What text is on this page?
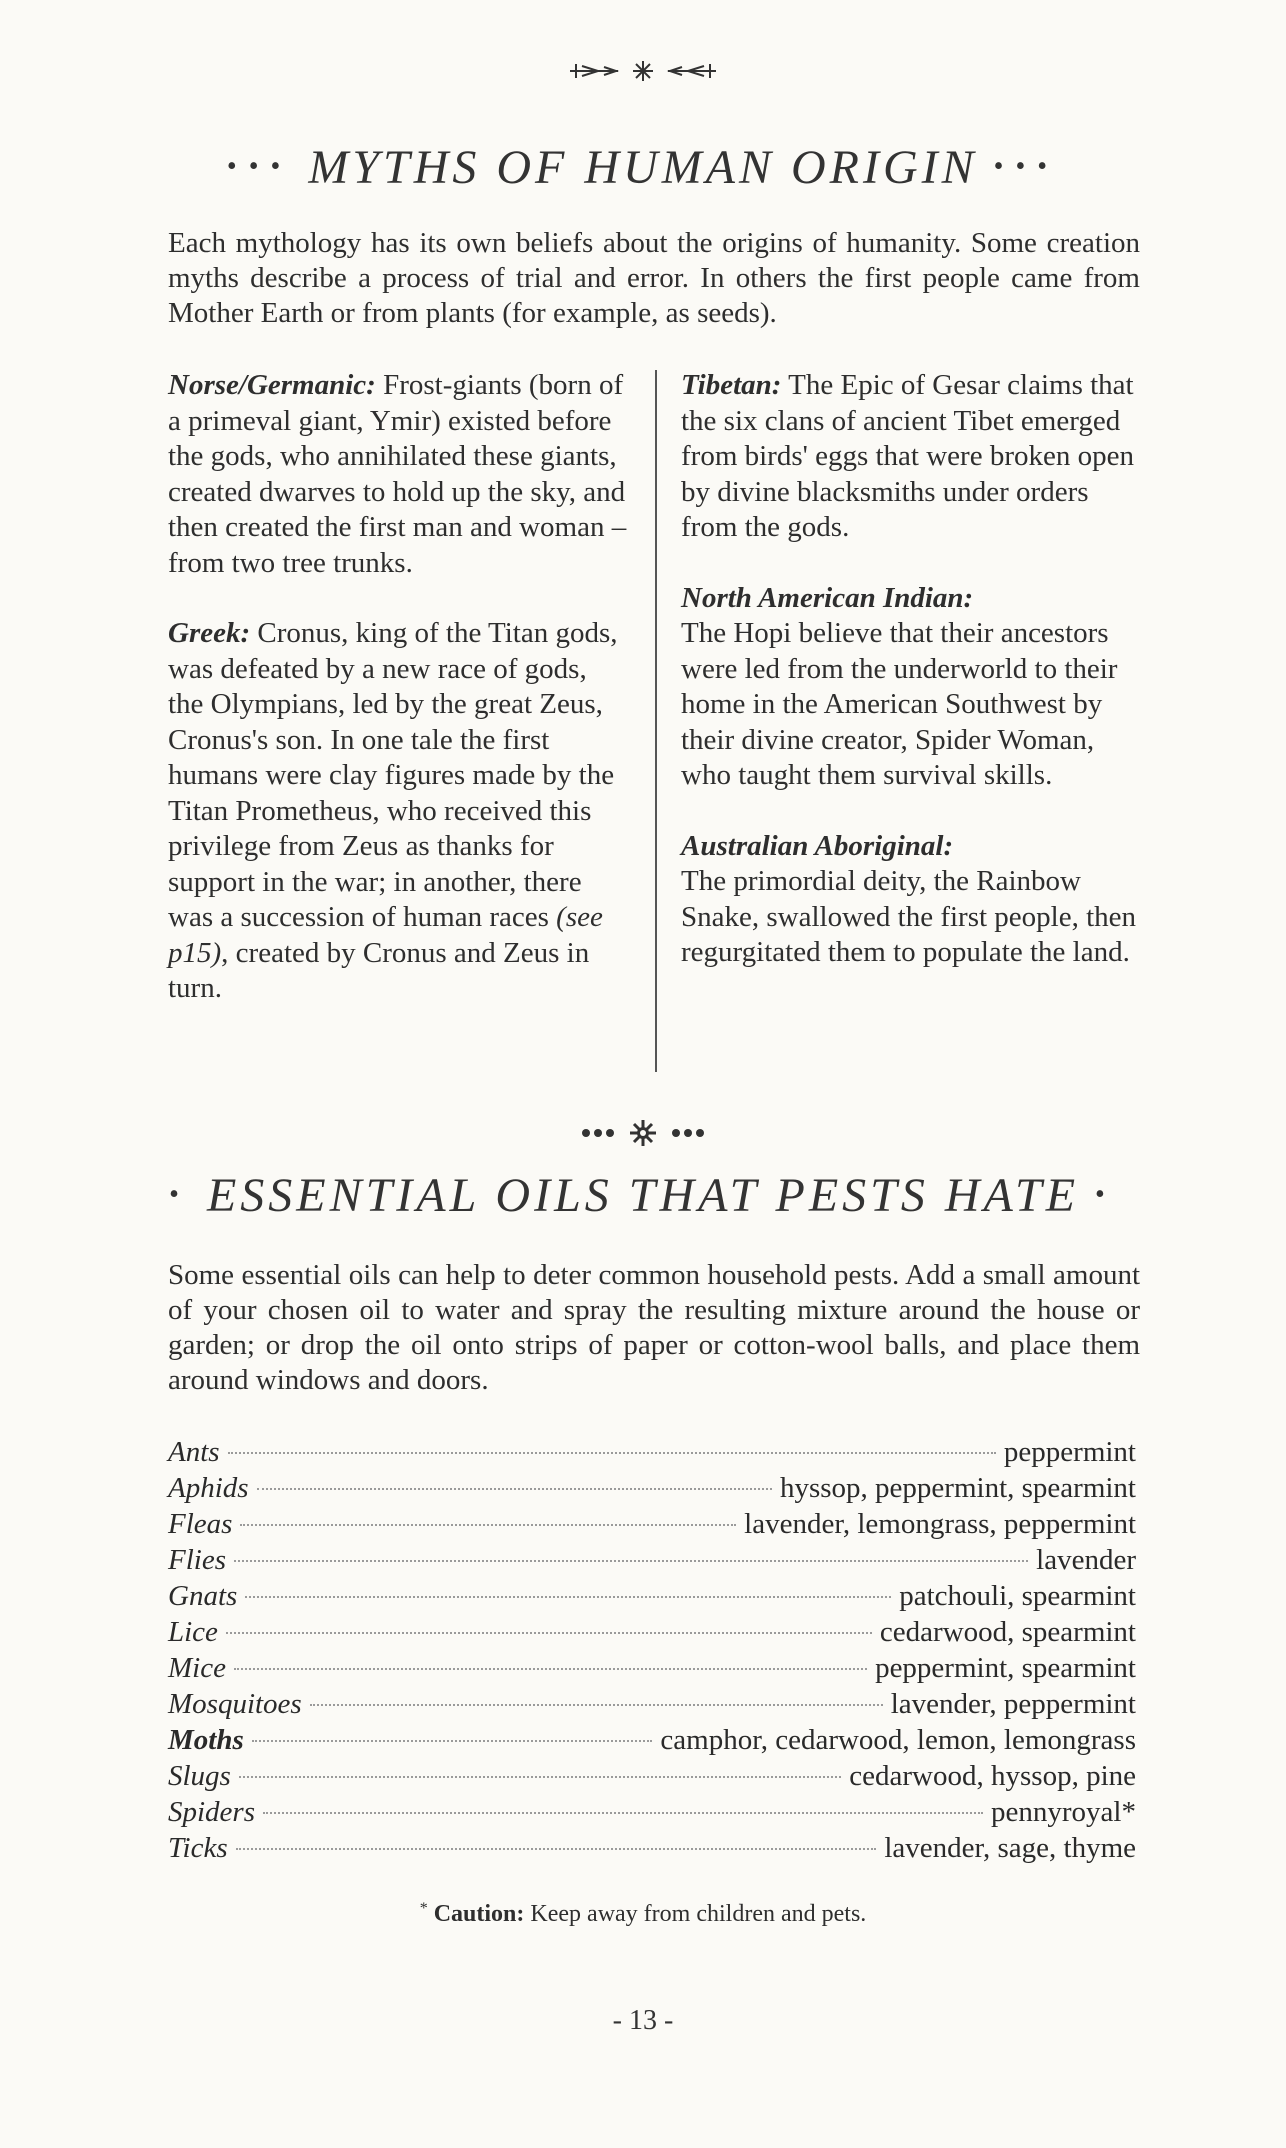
••• MYTHS OF HUMAN ORIGIN •••
Each mythology has its own beliefs about the origins of humanity. Some creation myths describe a process of trial and error. In others the first people came from Mother Earth or from plants (for example, as seeds).
Norse/Germanic: Frost-giants (born of a primeval giant, Ymir) existed before the gods, who annihilated these giants, created dwarves to hold up the sky, and then created the first man and woman – from two tree trunks.
Greek: Cronus, king of the Titan gods, was defeated by a new race of gods, the Olympians, led by the great Zeus, Cronus's son. In one tale the first humans were clay figures made by the Titan Prometheus, who received this privilege from Zeus as thanks for support in the war; in another, there was a succession of human races (see p15), created by Cronus and Zeus in turn.
Tibetan: The Epic of Gesar claims that the six clans of ancient Tibet emerged from birds' eggs that were broken open by divine blacksmiths under orders from the gods.
North American Indian:
The Hopi believe that their ancestors were led from the underworld to their home in the American Southwest by their divine creator, Spider Woman, who taught them survival skills.
Australian Aboriginal:
The primordial deity, the Rainbow Snake, swallowed the first people, then regurgitated them to populate the land.
• ESSENTIAL OILS THAT PESTS HATE •
Some essential oils can help to deter common household pests. Add a small amount of your chosen oil to water and spray the resulting mixture around the house or garden; or drop the oil onto strips of paper or cotton-wool balls, and place them around windows and doors.
Ants	peppermint
Aphids	hyssop, peppermint, spearmint
Fleas	lavender, lemongrass, peppermint
Flies	lavender
Gnats	patchouli, spearmint
Lice	cedarwood, spearmint
Mice	peppermint, spearmint
Mosquitoes	lavender, peppermint
Moths	camphor, cedarwood, lemon, lemongrass
Slugs	cedarwood, hyssop, pine
Spiders	pennyroyal*
Ticks	lavender, sage, thyme
* Caution: Keep away from children and pets.
- 13 -
